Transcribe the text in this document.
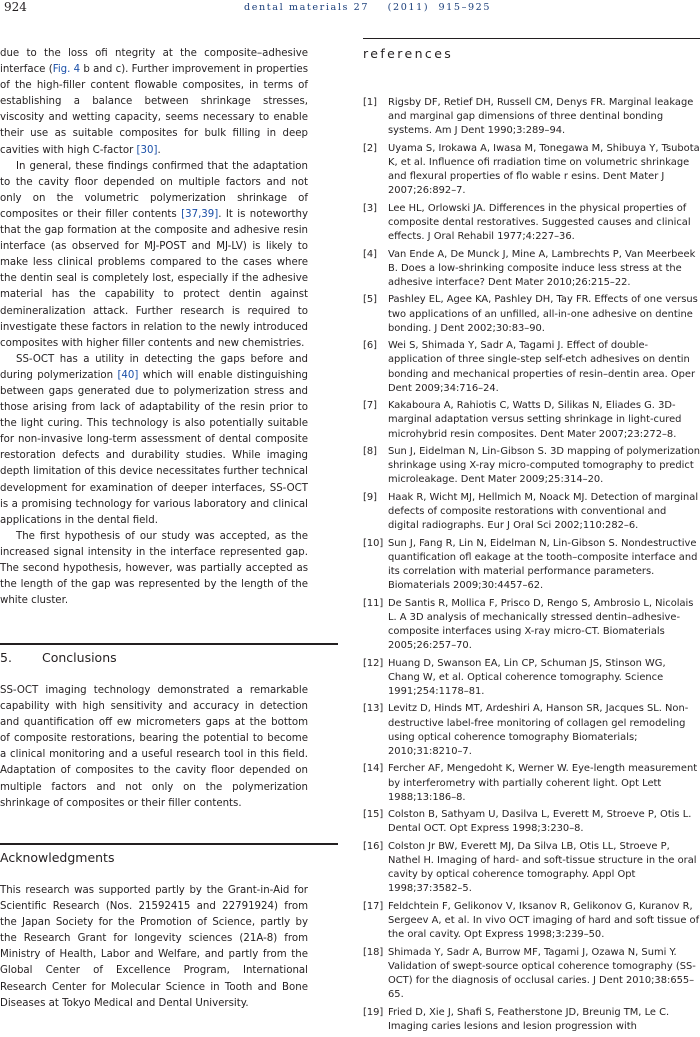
924	dental materials 27    (2011)  915–925

due to the loss ofi ntegrity at the composite–adhesive interface (Fig. 4 b and c). Further improvement in properties of the high-filler content flowable composites, in terms of establishing a balance between shrinkage stresses, viscosity and wetting capacity, seems necessary to enable their use as suitable composites for bulk filling in deep cavities with high C-factor [30].

In general, these findings confirmed that the adaptation to the cavity floor depended on multiple factors and not only on the volumetric polymerization shrinkage of composites or their filler contents [37,39]. It is noteworthy that the gap formation at the composite and adhesive resin interface (as observed for MJ-POST and MJ-LV) is likely to make less clinical problems compared to the cases where the dentin seal is completely lost, especially if the adhesive material has the capability to protect dentin against demineralization attack. Further research is required to investigate these factors in relation to the newly introduced composites with higher filler contents and new chemistries.

SS-OCT has a utility in detecting the gaps before and during polymerization [40] which will enable distinguishing between gaps generated due to polymerization stress and those arising from lack of adaptability of the resin prior to the light curing. This technology is also potentially suitable for non-invasive long-term assessment of dental composite restoration defects and durability studies. While imaging depth limitation of this device necessitates further technical development for examination of deeper interfaces, SS-OCT is a promising technology for various laboratory and clinical applications in the dental field.

The first hypothesis of our study was accepted, as the increased signal intensity in the interface represented gap. The second hypothesis, however, was partially accepted as the length of the gap was represented by the length of the white cluster.

5. Conclusions

SS-OCT imaging technology demonstrated a remarkable capability with high sensitivity and accuracy in detection and quantification off ew micrometers gaps at the bottom of composite restorations, bearing the potential to become a clinical monitoring and a useful research tool in this field. Adaptation of composites to the cavity floor depended on multiple factors and not only on the polymerization shrinkage of composites or their filler contents.

Acknowledgments

This research was supported partly by the Grant-in-Aid for Scientific Research (Nos. 21592415 and 22791924) from the Japan Society for the Promotion of Science, partly by the Research Grant for longevity sciences (21A-8) from Ministry of Health, Labor and Welfare, and partly from the Global Center of Excellence Program, International Research Center for Molecular Science in Tooth and Bone Diseases at Tokyo Medical and Dental University.

references
[1] Rigsby DF, Retief DH, Russell CM, Denys FR. Marginal leakage and marginal gap dimensions of three dentinal bonding systems. Am J Dent 1990;3:289–94.
[2] Uyama S, Irokawa A, Iwasa M, Tonegawa M, Shibuya Y, Tsubota K, et al. Influence ofi rradiation time on volumetric shrinkage and flexural properties of flo wable r esins. Dent Mater J 2007;26:892–7.
[3] Lee HL, Orlowski JA. Differences in the physical properties of composite dental restoratives. Suggested causes and clinical effects. J Oral Rehabil 1977;4:227–36.
[4] Van Ende A, De Munck J, Mine A, Lambrechts P, Van Meerbeek B. Does a low-shrinking composite induce less stress at the adhesive interface? Dent Mater 2010;26:215–22.
[5] Pashley EL, Agee KA, Pashley DH, Tay FR. Effects of one versus two applications of an unfilled, all-in-one adhesive on dentine bonding. J Dent 2002;30:83–90.
[6] Wei S, Shimada Y, Sadr A, Tagami J. Effect of double-application of three single-step self-etch adhesives on dentin bonding and mechanical properties of resin–dentin area. Oper Dent 2009;34:716–24.
[7] Kakaboura A, Rahiotis C, Watts D, Silikas N, Eliades G. 3D-marginal adaptation versus setting shrinkage in light-cured microhybrid resin composites. Dent Mater 2007;23:272–8.
[8] Sun J, Eidelman N, Lin-Gibson S. 3D mapping of polymerization shrinkage using X-ray micro-computed tomography to predict microleakage. Dent Mater 2009;25:314–20.
[9] Haak R, Wicht MJ, Hellmich M, Noack MJ. Detection of marginal defects of composite restorations with conventional and digital radiographs. Eur J Oral Sci 2002;110:282–6.
[10] Sun J, Fang R, Lin N, Eidelman N, Lin-Gibson S. Nondestructive quantification ofl eakage at the tooth–composite interface and its correlation with material performance parameters. Biomaterials 2009;30:4457–62.
[11] De Santis R, Mollica F, Prisco D, Rengo S, Ambrosio L, Nicolais L. A 3D analysis of mechanically stressed dentin–adhesive-composite interfaces using X-ray micro-CT. Biomaterials 2005;26:257–70.
[12] Huang D, Swanson EA, Lin CP, Schuman JS, Stinson WG, Chang W, et al. Optical coherence tomography. Science 1991;254:1178–81.
[13] Levitz D, Hinds MT, Ardeshiri A, Hanson SR, Jacques SL. Non-destructive label-free monitoring of collagen gel remodeling using optical coherence tomography Biomaterials; 2010;31:8210–7.
[14] Fercher AF, Mengedoht K, Werner W. Eye-length measurement by interferometry with partially coherent light. Opt Lett 1988;13:186–8.
[15] Colston B, Sathyam U, Dasilva L, Everett M, Stroeve P, Otis L. Dental OCT. Opt Express 1998;3:230–8.
[16] Colston Jr BW, Everett MJ, Da Silva LB, Otis LL, Stroeve P, Nathel H. Imaging of hard- and soft-tissue structure in the oral cavity by optical coherence tomography. Appl Opt 1998;37:3582–5.
[17] Feldchtein F, Gelikonov V, Iksanov R, Gelikonov G, Kuranov R, Sergeev A, et al. In vivo OCT imaging of hard and soft tissue of the oral cavity. Opt Express 1998;3:239–50.
[18] Shimada Y, Sadr A, Burrow MF, Tagami J, Ozawa N, Sumi Y. Validation of swept-source optical coherence tomography (SS-OCT) for the diagnosis of occlusal caries. J Dent 2010;38:655–65.
[19] Fried D, Xie J, Shafi S, Featherstone JD, Breunig TM, Le C. Imaging caries lesions and lesion progression with
